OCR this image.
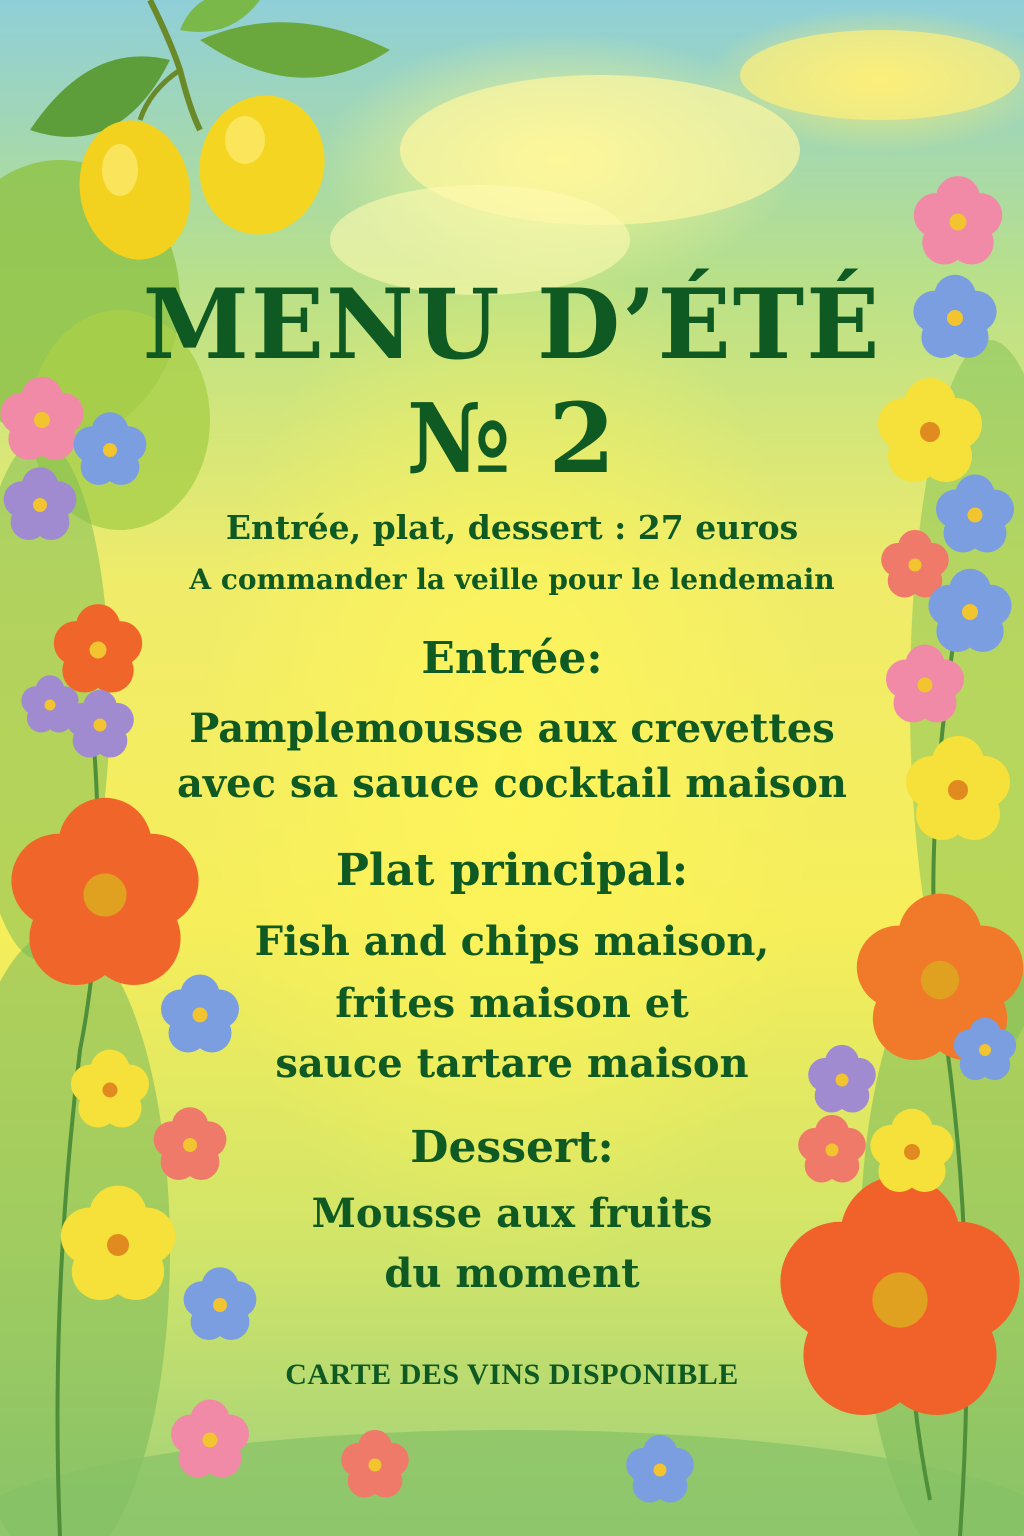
MENU D’ÉTÉ
№ 2
Entrée, plat, dessert : 27 euros
A commander la veille pour le lendemain
Entrée:
Pamplemousse aux crevettes
avec sa sauce cocktail maison
Plat principal:
Fish and chips maison,
frites maison et
sauce tartare maison
Dessert:
Mousse aux fruits
du moment
CARTE DES VINS DISPONIBLE
